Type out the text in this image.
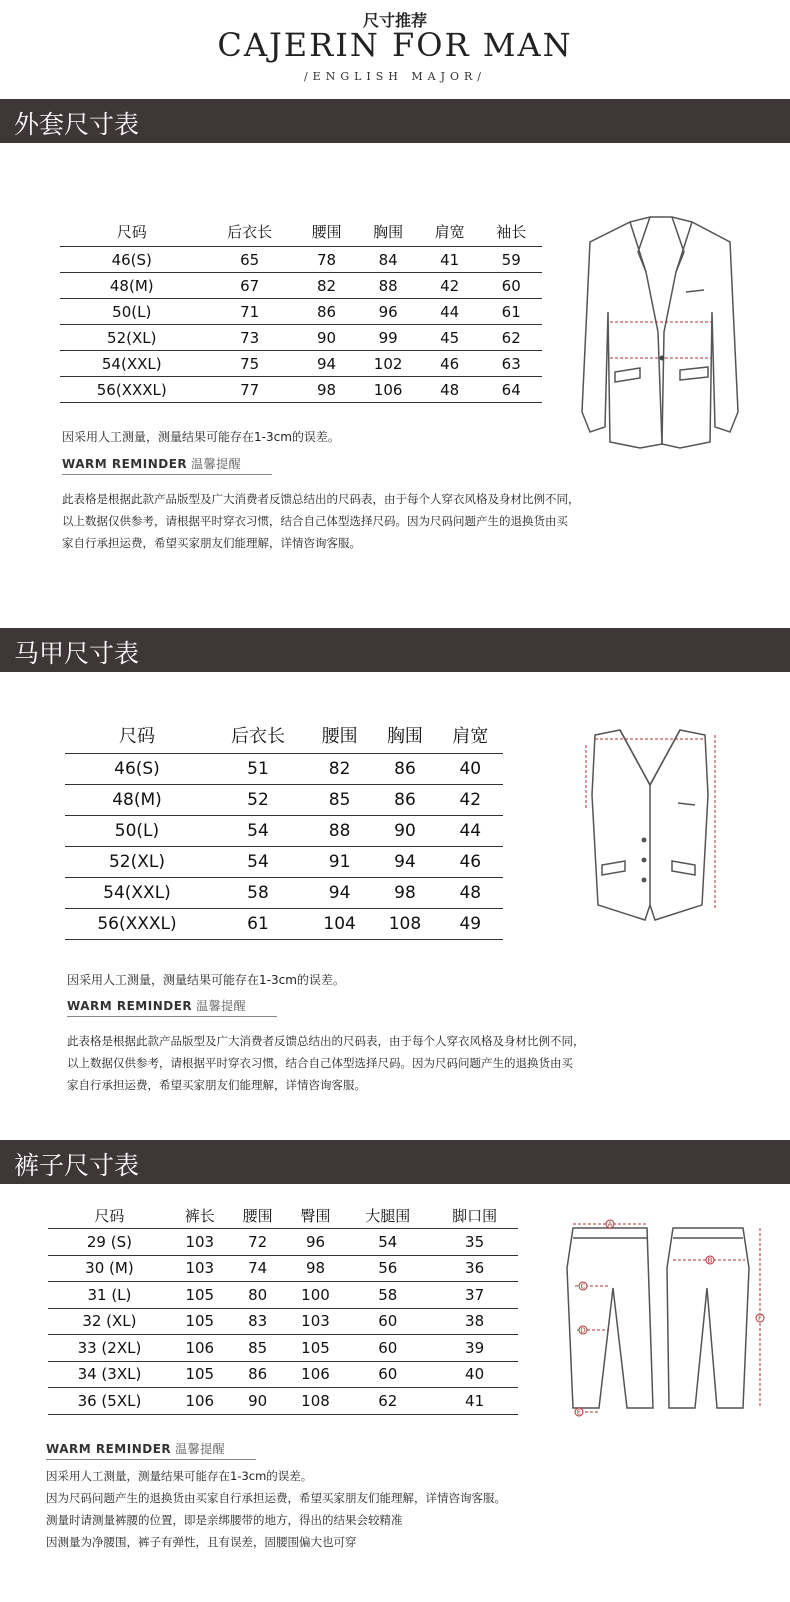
尺寸推荐
CAJERIN FOR MAN
/ENGLISH MAJOR/
外套尺寸表
尺码	后衣长	腰围	胸围	肩宽	袖长
46(S)	65	78	84	41	59
48(M)	67	82	88	42	60
50(L)	71	86	96	44	61
52(XL)	73	90	99	45	62
54(XXL)	75	94	102	46	63
56(XXXL)	77	98	106	48	64
因采用人工测量，测量结果可能存在1-3cm的误差。
WARM REMINDER 温馨提醒
此表格是根据此款产品版型及广大消费者反馈总结出的尺码表，由于每个人穿衣风格及身材比例不同，
以上数据仅供参考，请根据平时穿衣习惯，结合自己体型选择尺码。因为尺码问题产生的退换货由买
家自行承担运费，希望买家朋友们能理解，详情咨询客服。
马甲尺寸表
尺码	后衣长	腰围	胸围	肩宽
46(S)	51	82	86	40
48(M)	52	85	86	42
50(L)	54	88	90	44
52(XL)	54	91	94	46
54(XXL)	58	94	98	48
56(XXXL)	61	104	108	49
因采用人工测量，测量结果可能存在1-3cm的误差。
WARM REMINDER 温馨提醒
此表格是根据此款产品版型及广大消费者反馈总结出的尺码表，由于每个人穿衣风格及身材比例不同，
以上数据仅供参考，请根据平时穿衣习惯，结合自己体型选择尺码。因为尺码问题产生的退换货由买
家自行承担运费，希望买家朋友们能理解，详情咨询客服。
裤子尺寸表
尺码	裤长	腰围	臀围	大腿围	脚口围
29 (S)	103	72	96	54	35
30 (M)	103	74	98	56	36
31 (L)	105	80	100	58	37
32 (XL)	105	83	103	60	38
33 (2XL)	106	85	105	60	39
34 (3XL)	105	86	106	60	40
36 (5XL)	106	90	108	62	41
A
B
C
D
E
F
WARM REMINDER 温馨提醒
因采用人工测量，测量结果可能存在1-3cm的误差。
因为尺码问题产生的退换货由买家自行承担运费，希望买家朋友们能理解，详情咨询客服。
测量时请测量裤腰的位置，即是亲绑腰带的地方，得出的结果会较精准
因测量为净腰围，裤子有弹性，且有误差，固腰围偏大也可穿
